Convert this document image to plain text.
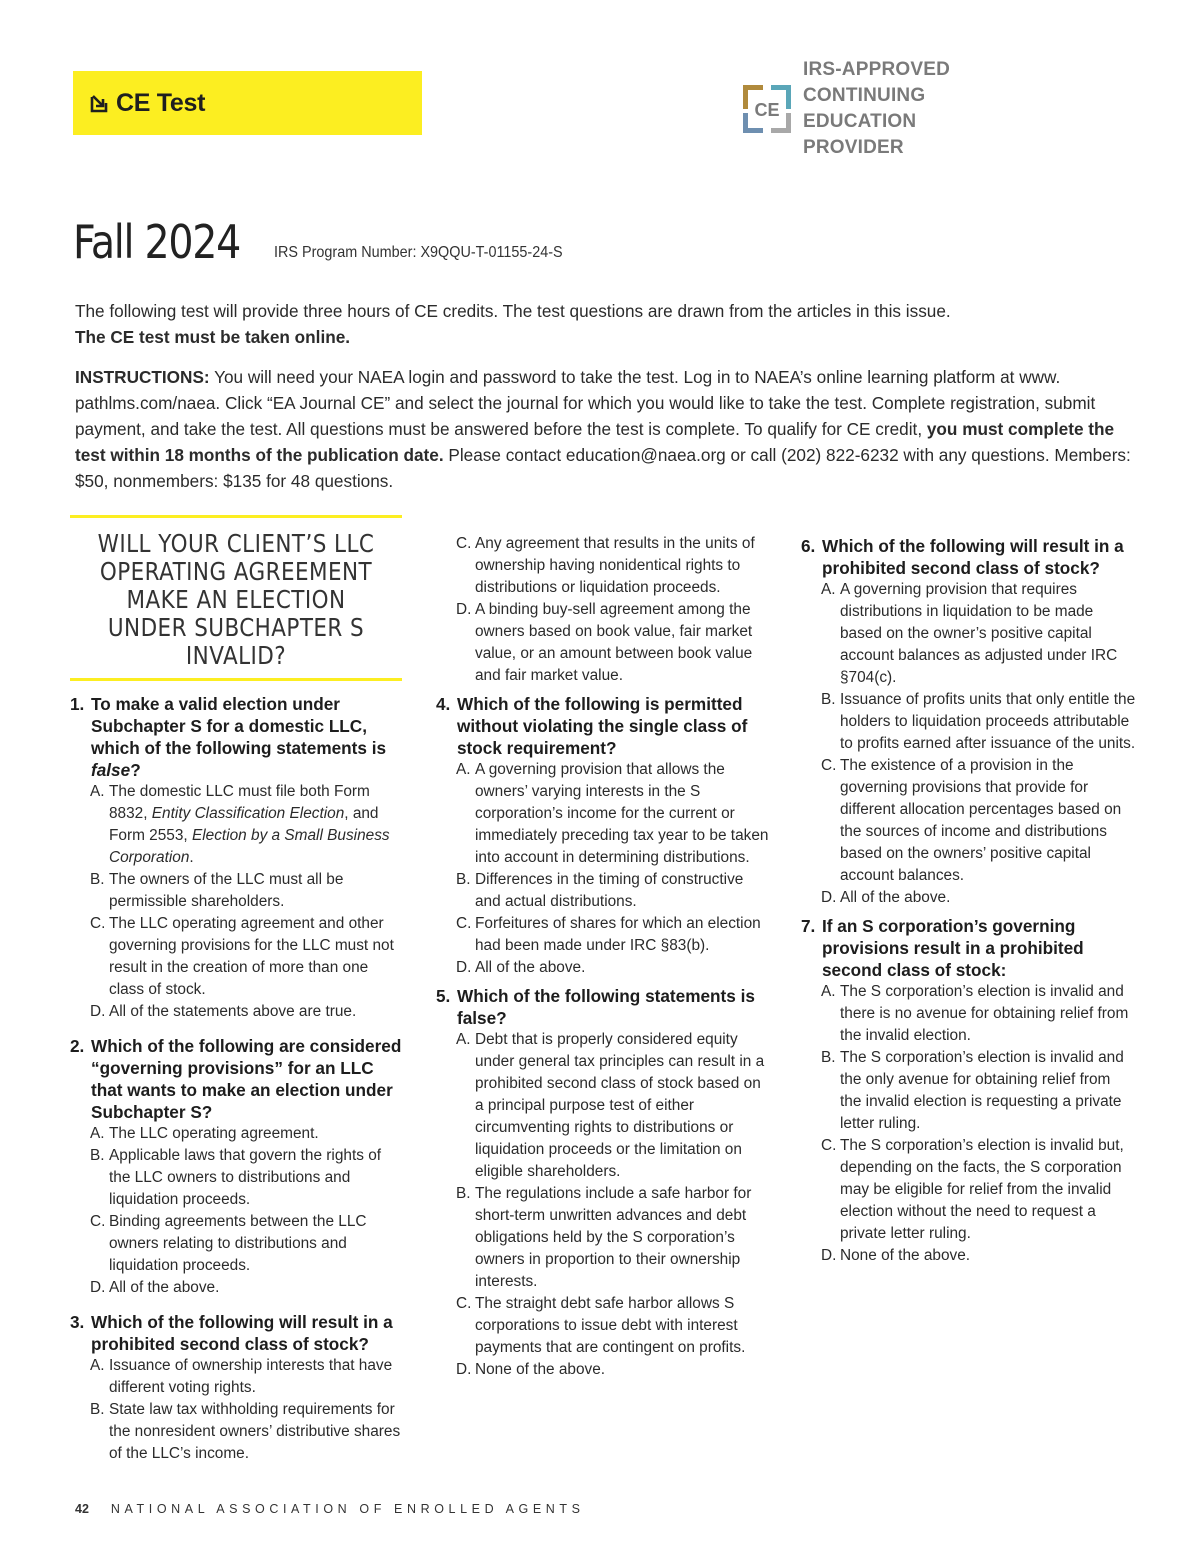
CE Test	CE
IRS-APPROVED
CONTINUING EDUCATION
PROVIDER
Fall 2024 IRS Program Number: X9QQU-T-01155-24-S

The following test will provide three hours of CE credits. The test questions are drawn from the articles in this issue.

The CE test must be taken online.

INSTRUCTIONS: You will need your NAEA login and password to take the test. Log in to NAEA’s online learning platform at www. pathlms.com/naea. Click “EA Journal CE” and select the journal for which you would like to take the test. Complete registration, submit payment, and take the test. All questions must be answered before the test is complete. To qualify for CE credit, you must complete the test within 18 months of the publication date. Please contact education@naea.org or call (202) 822-6232 with any questions. Members: $50, nonmembers: $135 for 48 questions.

WILL YOUR CLIENT’S LLC OPERATING AGREEMENT MAKE AN ELECTION UNDER SUBCHAPTER S INVALID?
1. To make a valid election under Subchapter S for a domestic LLC, which of the following statements is false?
A. The domestic LLC must file both Form 8832, Entity Classification Election, and Form 2553, Election by a Small Business Corporation.
B. The owners of the LLC must all be permissible shareholders.
C. The LLC operating agreement and other governing provisions for the LLC must not result in the creation of more than one class of stock.
D. All of the statements above are true.
2. Which of the following are considered “governing provisions” for an LLC that wants to make an election under Subchapter S?
A. The LLC operating agreement.
B. Applicable laws that govern the rights of the LLC owners to distributions and liquidation proceeds.
C. Binding agreements between the LLC owners relating to distributions and liquidation proceeds.
D. All of the above.
3. Which of the following will result in a prohibited second class of stock?
A. Issuance of ownership interests that have different voting rights.
B. State law tax withholding requirements for the nonresident owners’ distributive shares of the LLC’s income.
C. Any agreement that results in the units of ownership having nonidentical rights to distributions or liquidation proceeds.
D. A binding buy-sell agreement among the owners based on book value, fair market value, or an amount between book value and fair market value.
4. Which of the following is permitted without violating the single class of stock requirement?
A. A governing provision that allows the owners’ varying interests in the S corporation’s income for the current or immediately preceding tax year to be taken into account in determining distributions.
B. Differences in the timing of constructive and actual distributions.
C. Forfeitures of shares for which an election had been made under IRC §83(b).
D. All of the above.
5. Which of the following statements is false?
A. Debt that is properly considered equity under general tax principles can result in a prohibited second class of stock based on a principal purpose test of either circumventing rights to distributions or liquidation proceeds or the limitation on eligible shareholders.
B. The regulations include a safe harbor for short-term unwritten advances and debt obligations held by the S corporation’s owners in proportion to their ownership interests.
C. The straight debt safe harbor allows S corporations to issue debt with interest payments that are contingent on profits.
D. None of the above.
6. Which of the following will result in a prohibited second class of stock?
A. A governing provision that requires distributions in liquidation to be made based on the owner’s positive capital account balances as adjusted under IRC §704(c).
B. Issuance of profits units that only entitle the holders to liquidation proceeds attributable to profits earned after issuance of the units.
C. The existence of a provision in the governing provisions that provide for different allocation percentages based on the sources of income and distributions based on the owners’ positive capital account balances.
D. All of the above.
7. If an S corporation’s governing provisions result in a prohibited second class of stock:
A. The S corporation’s election is invalid and there is no avenue for obtaining relief from the invalid election.
B. The S corporation’s election is invalid and the only avenue for obtaining relief from the invalid election is requesting a private letter ruling.
C. The S corporation’s election is invalid but, depending on the facts, the S corporation may be eligible for relief from the invalid election without the need to request a private letter ruling.
D. None of the above.
42 NATIONAL ASSOCIATION OF ENROLLED AGENTS
